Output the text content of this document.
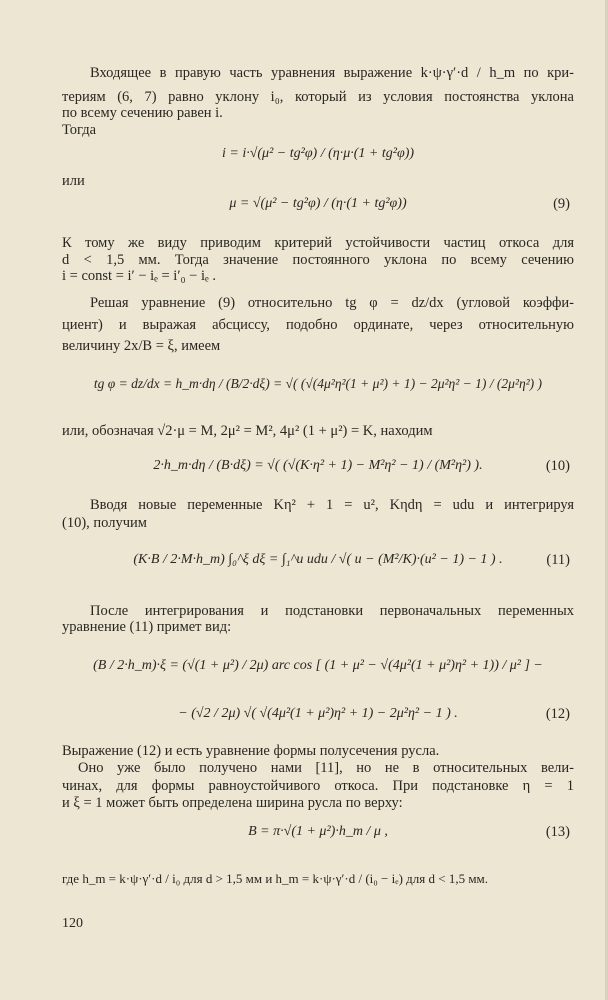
Входящее в правую часть уравнения выражение k·ψ·γ′·d / h_m по кри-
териям (6, 7) равно уклону i₀, который из условия постоянства уклона
по всему сечению равен i.
Тогда
i = i·√(μ² − tg²φ) / (η·μ·(1 + tg²φ))
или
μ = √(μ² − tg²φ) / (η·(1 + tg²φ))	(9)
К тому же виду приводим критерий устойчивости частиц откоса для
d < 1,5 мм. Тогда значение постоянного уклона по всему сечению
i = const = i′ − iₑ = i′₀ − iₑ .
Решая уравнение (9) относительно tg φ = dz/dx (угловой коэффи-
циент) и выражая абсциссу, подобно ординате, через относительную
величину 2x/B = ξ, имеем
tg φ = dz/dx = h_m·dη / (B/2·dξ) = √( (√(4μ²η²(1 + μ²) + 1) − 2μ²η² − 1) / (2μ²η²) )
или, обозначая √2·μ = M, 2μ² = M², 4μ² (1 + μ²) = K, находим
2·h_m·dη / (B·dξ) = √( (√(K·η² + 1) − M²η² − 1) / (M²η²) ).	(10)
Вводя новые переменные Kη² + 1 = u², Kηdη = udu и интегрируя
(10), получим
(K·B / 2·M·h_m) ∫₀^ξ dξ = ∫₁^u udu / √( u − (M²/K)·(u² − 1) − 1 ) .	(11)
После интегрирования и подстановки первоначальных переменных
уравнение (11) примет вид:
(B / 2·h_m)·ξ = (√(1 + μ²) / 2μ) arc cos [ (1 + μ² − √(4μ²(1 + μ²)η² + 1)) / μ² ] −
− (√2 / 2μ) √( √(4μ²(1 + μ²)η² + 1) − 2μ²η² − 1 ) .	(12)
Выражение (12) и есть уравнение формы полусечения русла.
Оно уже было получено нами [11], но не в относительных вели-
чинах, для формы равноустойчивого откоса. При подстановке η = 1
и ξ = 1 может быть определена ширина русла по верху:
B = π·√(1 + μ²)·h_m / μ ,	(13)
где h_m = k·ψ·γ′·d / i₀ для d > 1,5 мм и h_m = k·ψ·γ′·d / (i₀ − iₑ) для d < 1,5 мм.
120
